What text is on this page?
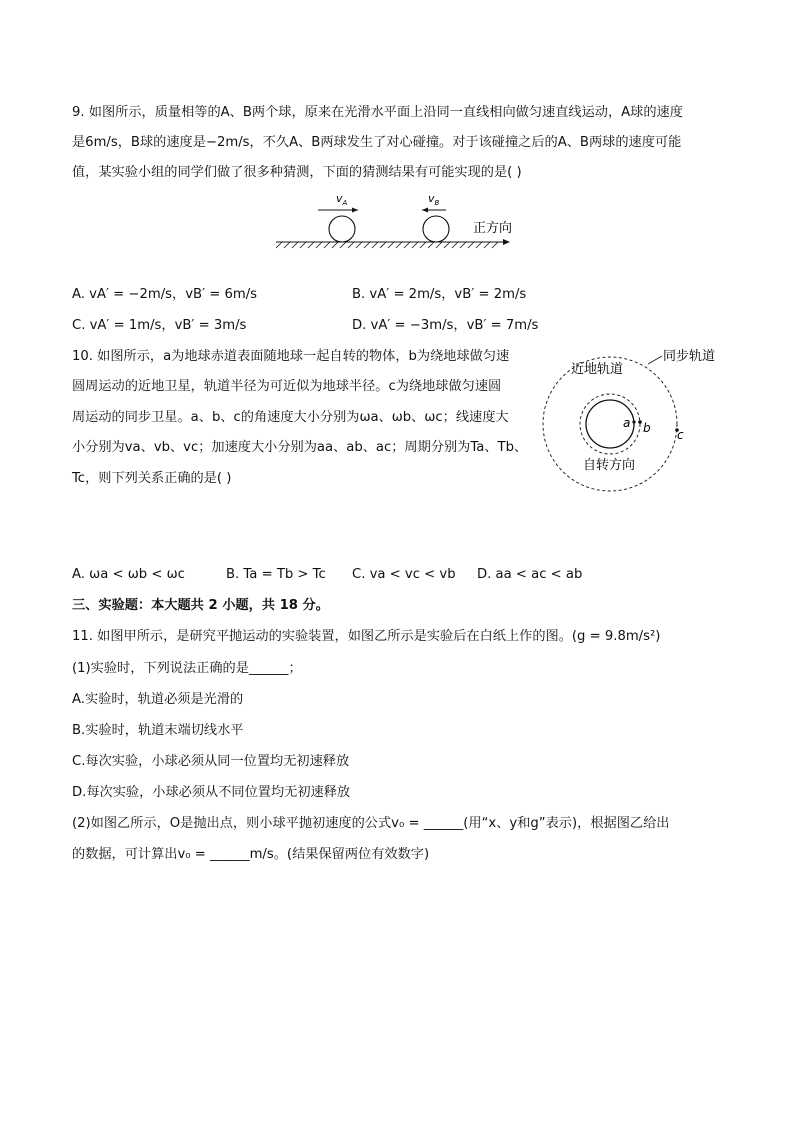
9. 如图所示，质量相等的A、B两个球，原来在光滑水平面上沿同一直线相向做匀速直线运动，A球的速度
是6m/s，B球的速度是−2m/s，不久A、B两球发生了对心碰撞。对于该碰撞之后的A、B两球的速度可能
值，某实验小组的同学们做了很多种猜测，下面的猜测结果有可能实现的是( )
$v_A$	$v_B$
正方向
A. vA′ = −2m/s，vB′ = 6m/s	B. vA′ = 2m/s，vB′ = 2m/s
C. vA′ = 1m/s，vB′ = 3m/s	D. vA′ = −3m/s，vB′ = 7m/s
10. 如图所示，a为地球赤道表面随地球一起自转的物体，b为绕地球做匀速
圆周运动的近地卫星，轨道半径为可近似为地球半径。c为绕地球做匀速圆
周运动的同步卫星。a、b、c的角速度大小分别为ωa、ωb、ωc；线速度大
小分别为va、vb、vc；加速度大小分别为aa、ab、ac；周期分别为Ta、Tb、
Tc，则下列关系正确的是( )
同步轨道
近地轨道
a b c
自转方向
A. ωa < ωb < ωc	B. Ta = Tb > Tc C. va < vc < vb D. aa < ac < ab
三、实验题：本大题共 2 小题，共 18 分。
11. 如图甲所示，是研究平抛运动的实验装置，如图乙所示是实验后在白纸上作的图。(g = 9.8m/s²)
(1)实验时，下列说法正确的是______；
A.实验时，轨道必须是光滑的
B.实验时，轨道末端切线水平
C.每次实验，小球必须从同一位置均无初速释放
D.每次实验，小球必须从不同位置均无初速释放
(2)如图乙所示，O是抛出点，则小球平抛初速度的公式v₀ = ______(用“x、y和g”表示)，根据图乙给出
的数据，可计算出v₀ = ______m/s。(结果保留两位有效数字)
